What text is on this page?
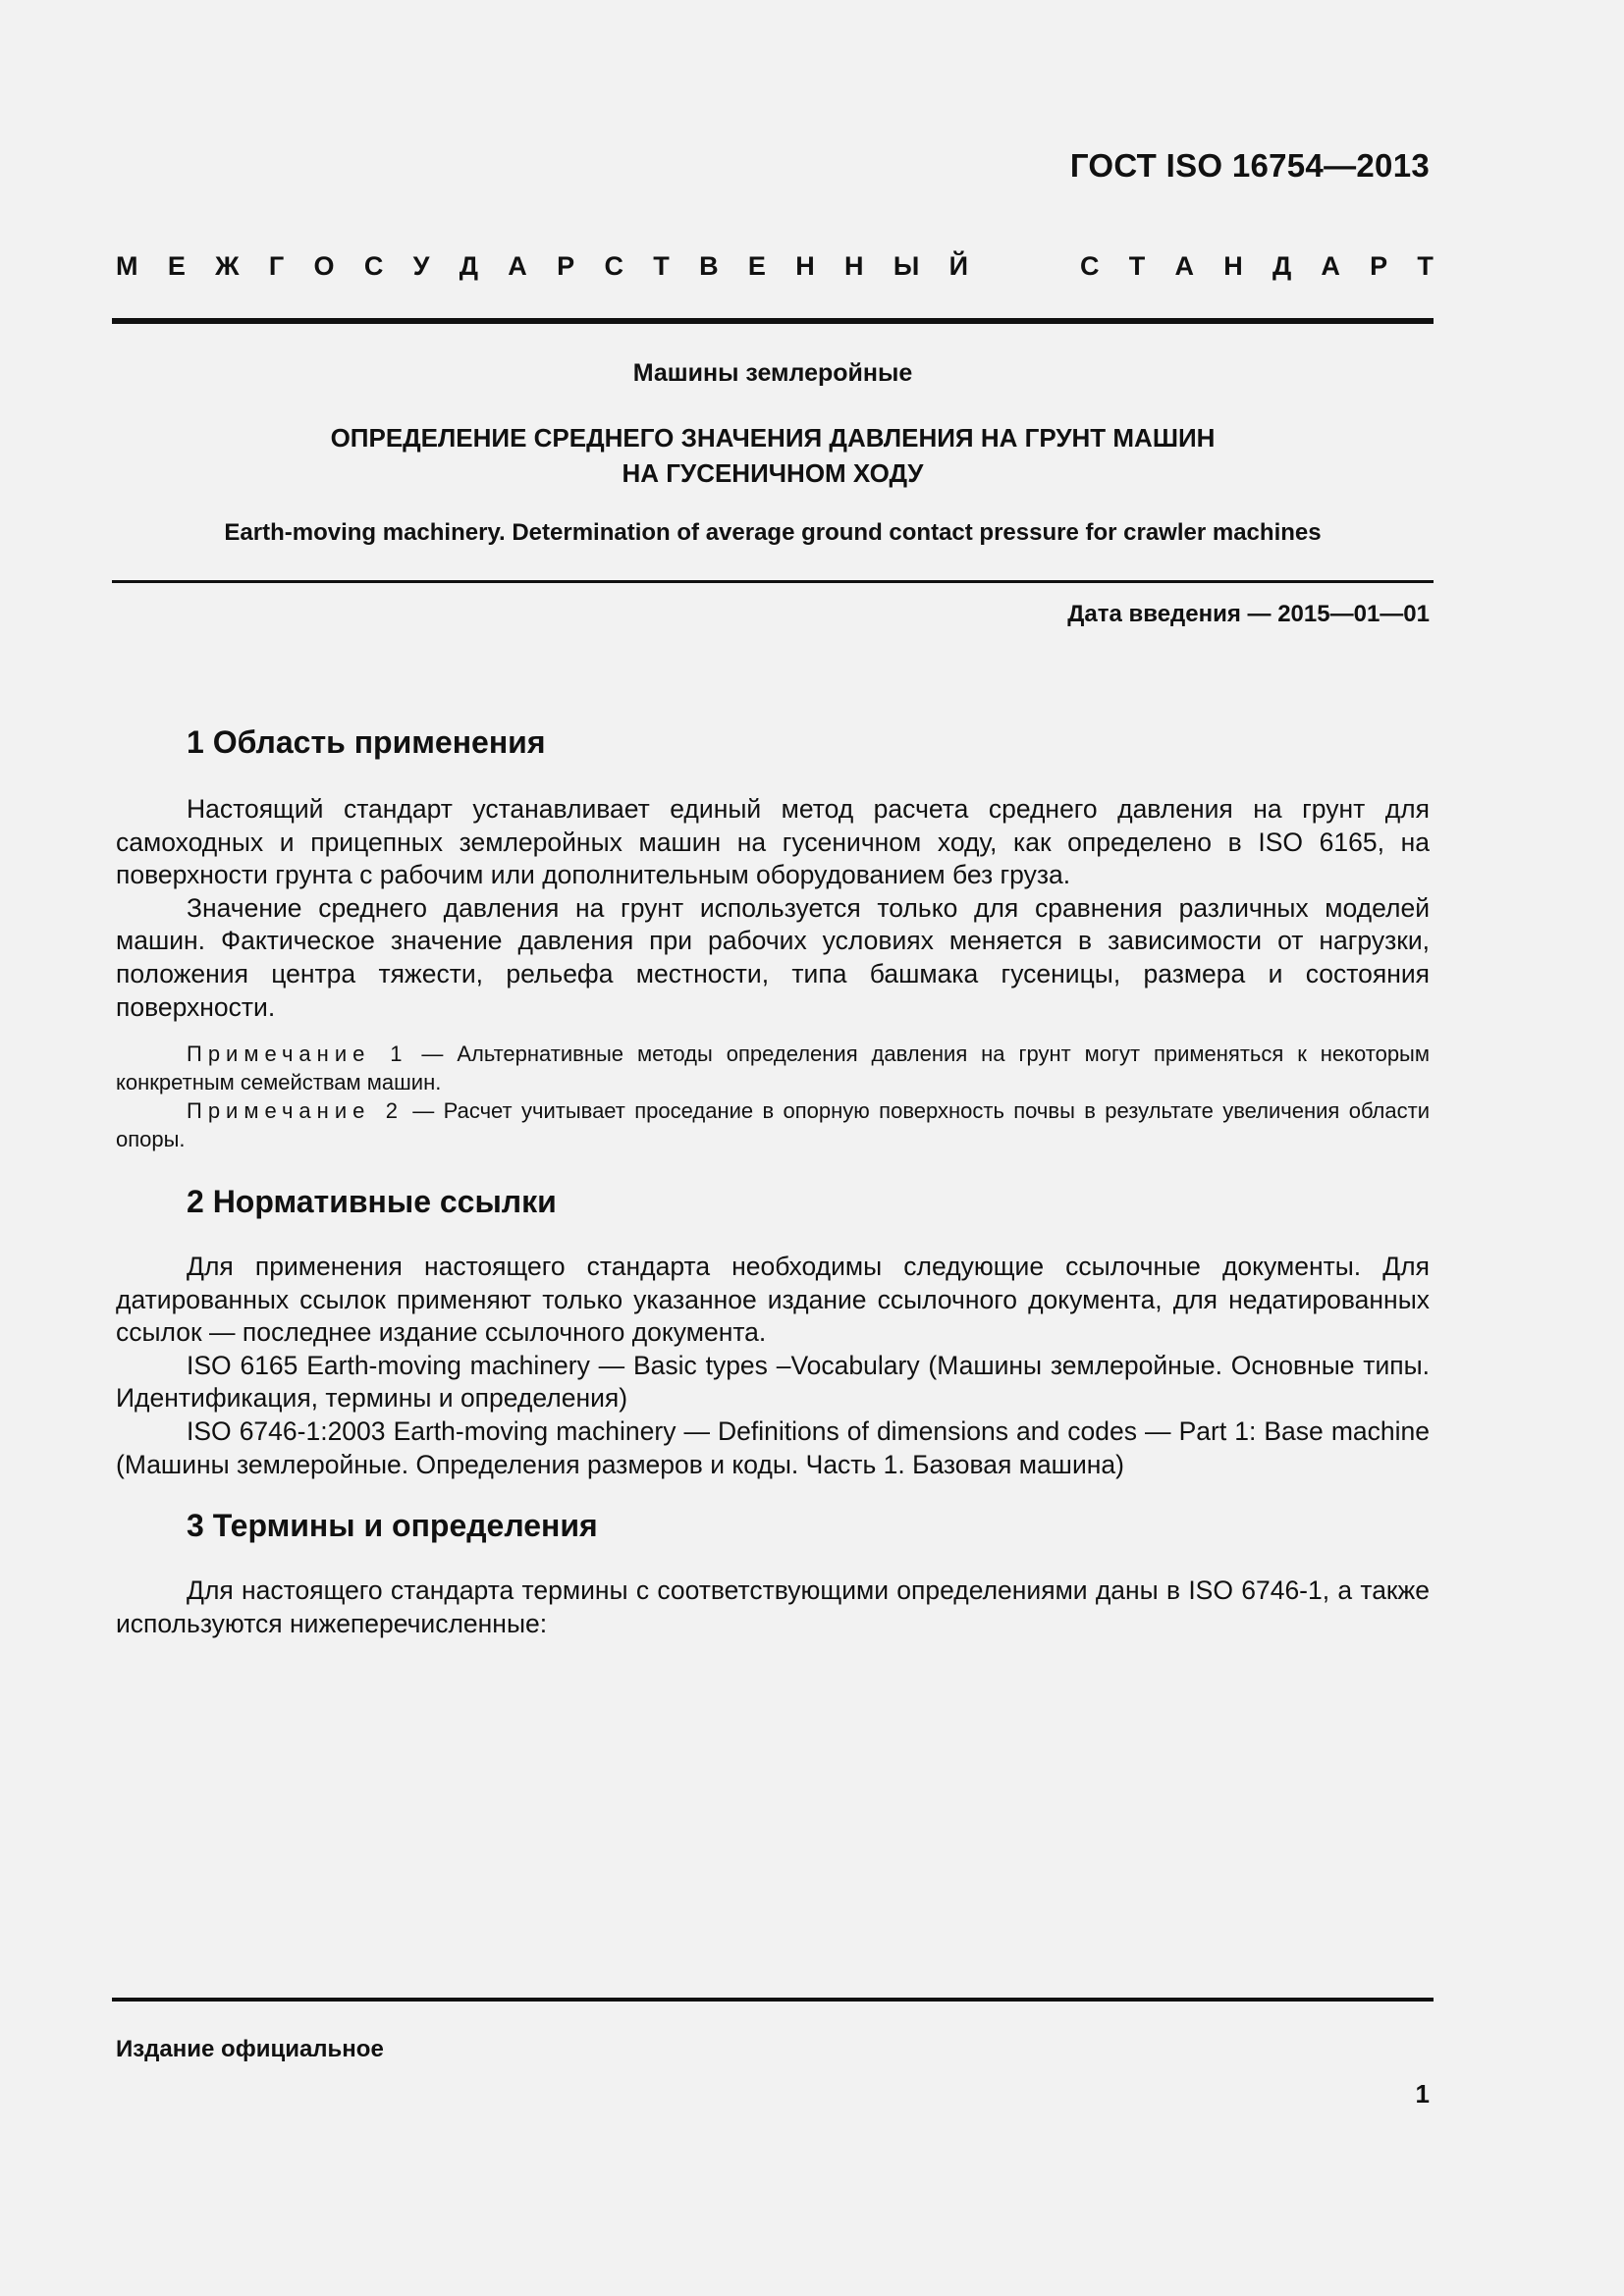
ГОСТ ISO 16754—2013
М Е Ж Г О С У Д А Р С Т В Е Н Н Ы Й	С Т А Н Д А Р Т
Машины землеройные
ОПРЕДЕЛЕНИЕ СРЕДНЕГО ЗНАЧЕНИЯ ДАВЛЕНИЯ НА ГРУНТ МАШИН
НА ГУСЕНИЧНОМ ХОДУ
Earth-moving machinery. Determination of average ground contact pressure for crawler machines
Дата введения — 2015—01—01
1 Область применения

Настоящий стандарт устанавливает единый метод расчета среднего давления на грунт для самоходных и прицепных землеройных машин на гусеничном ходу, как определено в ISO 6165, на поверхности грунта с рабочим или дополнительным оборудованием без груза.

Значение среднего давления на грунт используется только для сравнения различных моделей машин. Фактическое значение давления при рабочих условиях меняется в зависимости от нагрузки, положения центра тяжести, рельефа местности, типа башмака гусеницы, размера и состояния поверхности.

Примечание 1 — Альтернативные методы определения давления на грунт могут применяться к некоторым конкретным семействам машин.

Примечание 2 — Расчет учитывает проседание в опорную поверхность почвы в результате увеличения области опоры.

2 Нормативные ссылки

Для применения настоящего стандарта необходимы следующие ссылочные документы. Для датированных ссылок применяют только указанное издание ссылочного документа, для недатированных ссылок — последнее издание ссылочного документа.

ISO 6165 Earth-moving machinery — Basic types –Vocabulary (Машины землеройные. Основные типы. Идентификация, термины и определения)

ISO 6746-1:2003 Earth-moving machinery — Definitions of dimensions and codes — Part 1: Base machine (Машины землеройные. Определения размеров и коды. Часть 1. Базовая машина)

3 Термины и определения

Для настоящего стандарта термины с соответствующими определениями даны в ISO 6746-1, а также используются нижеперечисленные:

Издание официальное
1
